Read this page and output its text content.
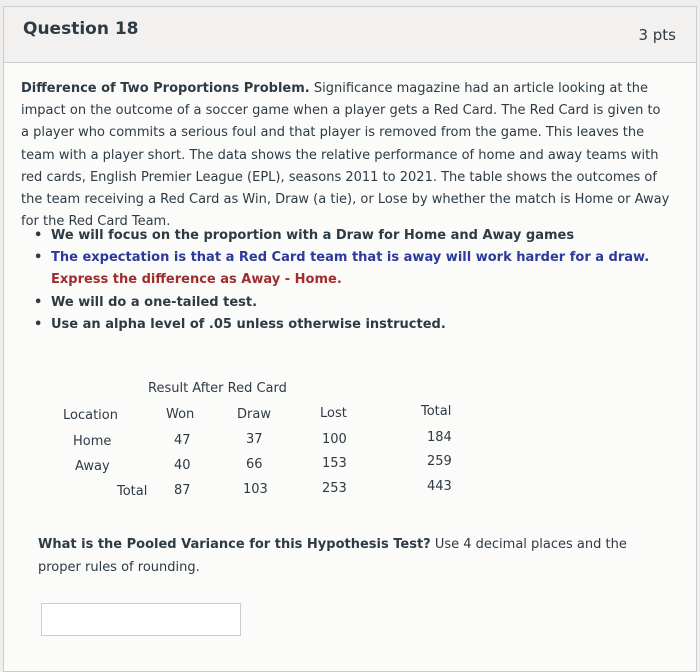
Question 18	3 pts
Difference of Two Proportions Problem. Significance magazine had an article looking at the impact on the outcome of a soccer game when a player gets a Red Card. The Red Card is given to a player who commits a serious foul and that player is removed from the game. This leaves the team with a player short. The data shows the relative performance of home and away teams with red cards, English Premier League (EPL), seasons 2011 to 2021. The table shows the outcomes of the team receiving a Red Card as Win, Draw (a tie), or Lose by whether the match is Home or Away for the Red Card Team.
• We will focus on the proportion with a Draw for Home and Away games
• The expectation is that a Red Card team that is away will work harder for a draw. Express the difference as Away - Home.
• We will do a one-tailed test.
• Use an alpha level of .05 unless otherwise instructed.
Result After Red Card
Location	Won	Draw	Lost	Total
Home	47	37	100	184
Away	40	66	153	259
Total 87	103	253	443
What is the Pooled Variance for this Hypothesis Test? Use 4 decimal places and the proper rules of rounding.
